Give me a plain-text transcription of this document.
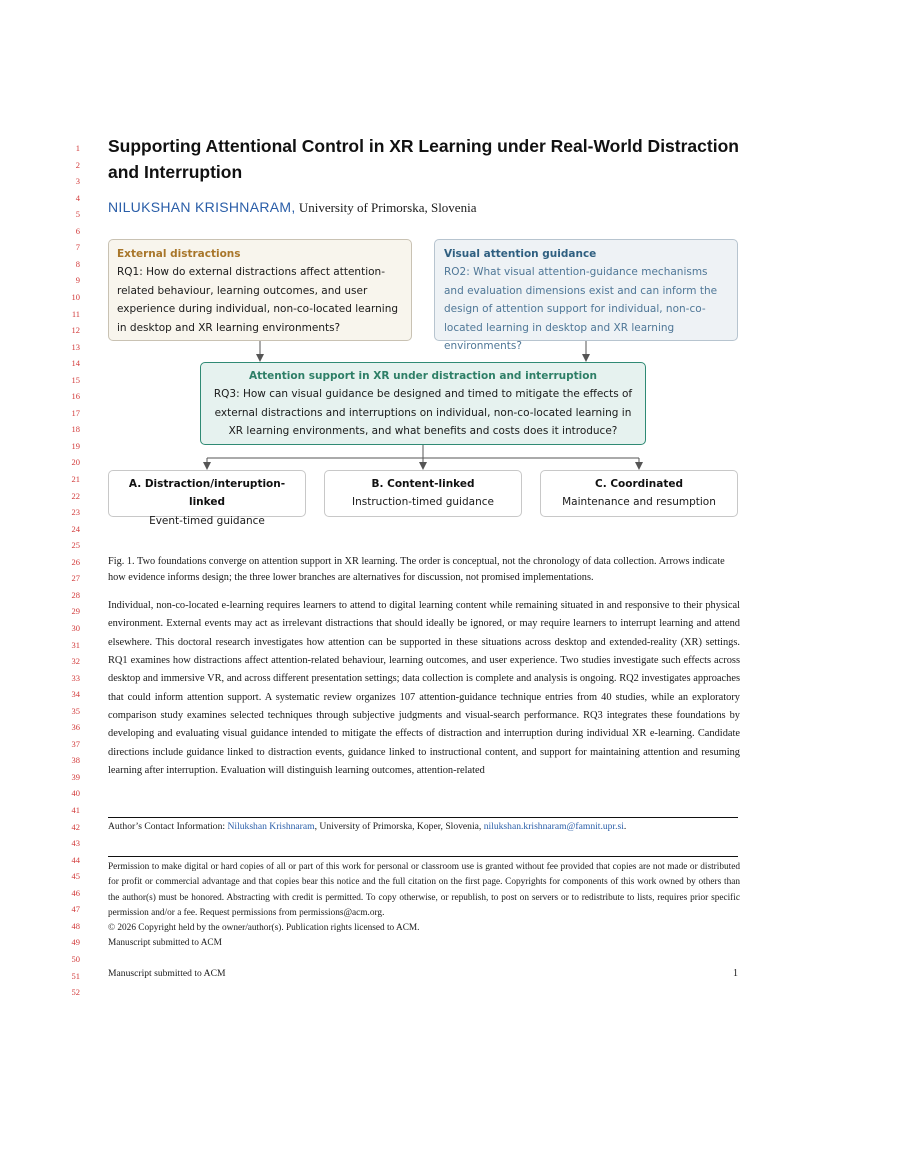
1
2
3
4
5
6
7
8
9
10
11
12
13
14
15
16
17
18
19
20
21
22
23
24
25
26
27
28
29
30
31
32
33
34
35
36
37
38
39
40
41
42
43
44
45
46
47
48
49
50
51
52
Supporting Attentional Control in XR Learning under Real-World Distraction
and Interruption
NILUKSHAN KRISHNARAM, University of Primorska, Slovenia
External distractions
RQ1: How do external distractions affect attention-related behaviour, learning outcomes, and user experience during individual, non-co-located learning in desktop and XR learning environments?
Visual attention guidance
RO2: What visual attention-guidance mechanisms and evaluation dimensions exist and can inform the design of attention support for individual, non-co-located learning in desktop and XR learning environments?
Attention support in XR under distraction and interruption
RQ3: How can visual guidance be designed and timed to mitigate the effects of external distractions and interruptions on individual, non-co-located learning in XR learning environments, and what benefits and costs does it introduce?
A. Distraction/interuption-linked
Event-timed guidance
B. Content-linked
Instruction-timed guidance
C. Coordinated
Maintenance and resumption
Fig. 1. Two foundations converge on attention support in XR learning. The order is conceptual, not the chronology of data collection. Arrows indicate how evidence informs design; the three lower branches are alternatives for discussion, not promised implementations.
Individual, non-co-located e-learning requires learners to attend to digital learning content while remaining situated in and responsive to their physical environment. External events may act as irrelevant distractions that should ideally be ignored, or may require learners to interrupt learning and attend elsewhere. This doctoral research investigates how attention can be supported in these situations across desktop and extended-reality (XR) settings. RQ1 examines how distractions affect attention-related behaviour, learning outcomes, and user experience. Two studies investigate such effects across desktop and immersive VR, and across different presentation settings; data collection is complete and analysis is ongoing. RQ2 investigates approaches that could inform attention support. A systematic review organizes 107 attention-guidance technique entries from 40 studies, while an exploratory comparison study examines selected techniques through subjective judgments and visual-search performance. RQ3 integrates these foundations by developing and evaluating visual guidance intended to mitigate the effects of distraction and interruption during individual XR e-learning. Candidate directions include guidance linked to distraction events, guidance linked to instructional content, and support for maintaining attention and resuming learning after interruption. Evaluation will distinguish learning outcomes, attention-related
Author’s Contact Information: Nilukshan Krishnaram, University of Primorska, Koper, Slovenia, nilukshan.krishnaram@famnit.upr.si.
Permission to make digital or hard copies of all or part of this work for personal or classroom use is granted without fee provided that copies are not made or distributed for profit or commercial advantage and that copies bear this notice and the full citation on the first page. Copyrights for components of this work owned by others than the author(s) must be honored. Abstracting with credit is permitted. To copy otherwise, or republish, to post on servers or to redistribute to lists, requires prior specific permission and/or a fee. Request permissions from permissions@acm.org.
© 2026 Copyright held by the owner/author(s). Publication rights licensed to ACM.
Manuscript submitted to ACM
Manuscript submitted to ACM	1
